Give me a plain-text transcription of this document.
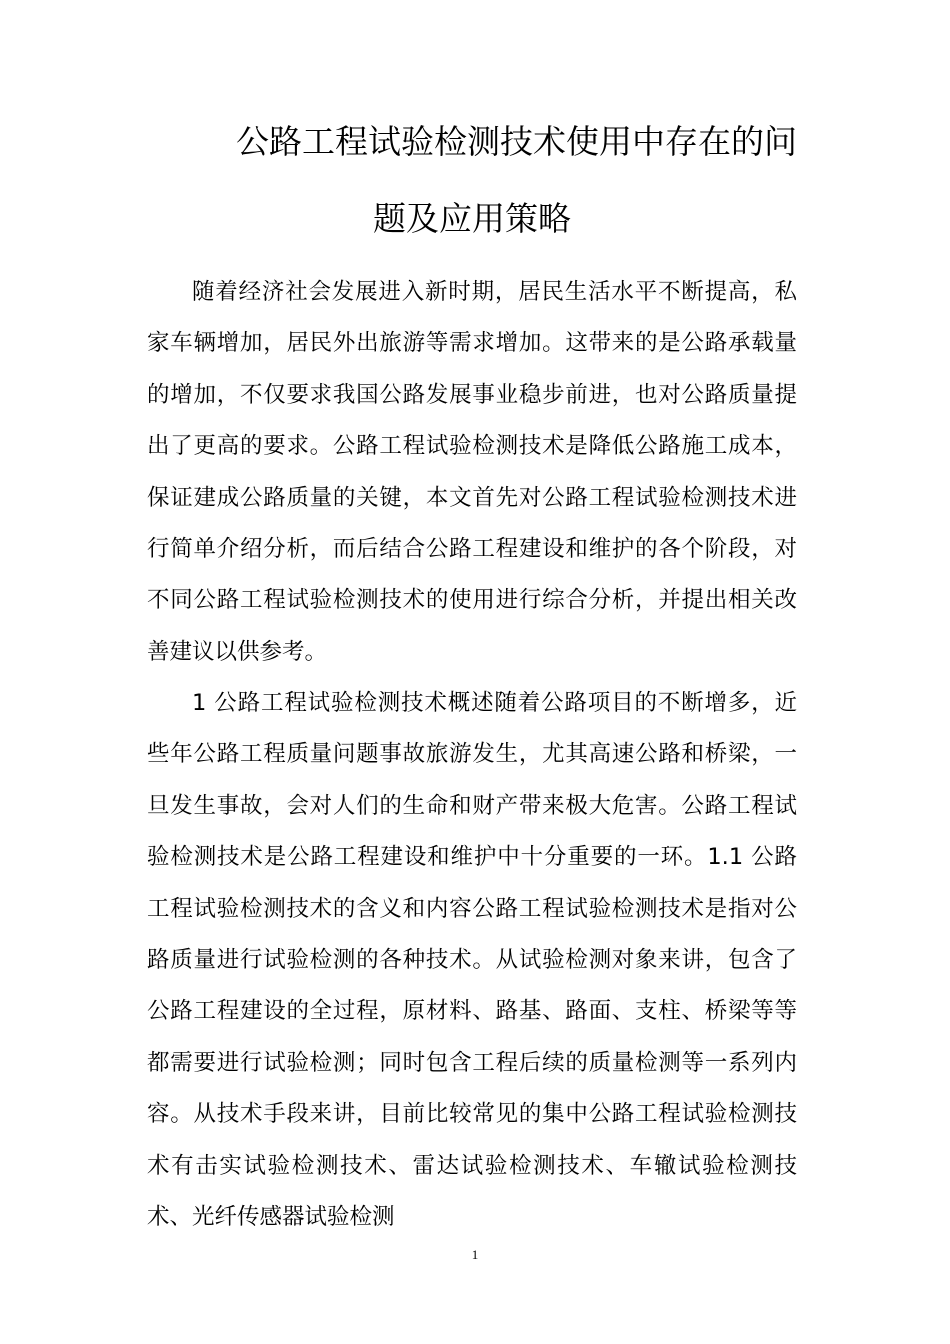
公路工程试验检测技术使用中存在的问
题及应用策略

随着经济社会发展进入新时期，居民生活水平不断提高，私家车辆增加，居民外出旅游等需求增加。这带来的是公路承载量的增加，不仅要求我国公路发展事业稳步前进，也对公路质量提出了更高的要求。公路工程试验检测技术是降低公路施工成本，保证建成公路质量的关键，本文首先对公路工程试验检测技术进行简单介绍分析，而后结合公路工程建设和维护的各个阶段，对不同公路工程试验检测技术的使用进行综合分析，并提出相关改善建议以供参考。

1 公路工程试验检测技术概述随着公路项目的不断增多，近些年公路工程质量问题事故旅游发生，尤其高速公路和桥梁，一旦发生事故，会对人们的生命和财产带来极大危害。公路工程试验检测技术是公路工程建设和维护中十分重要的一环。1.1 公路工程试验检测技术的含义和内容公路工程试验检测技术是指对公路质量进行试验检测的各种技术。从试验检测对象来讲，包含了公路工程建设的全过程，原材料、路基、路面、支柱、桥梁等等都需要进行试验检测；同时包含工程后续的质量检测等一系列内容。从技术手段来讲，目前比较常见的集中公路工程试验检测技术有击实试验检测技术、雷达试验检测技术、车辙试验检测技术、光纤传感器试验检测

1
